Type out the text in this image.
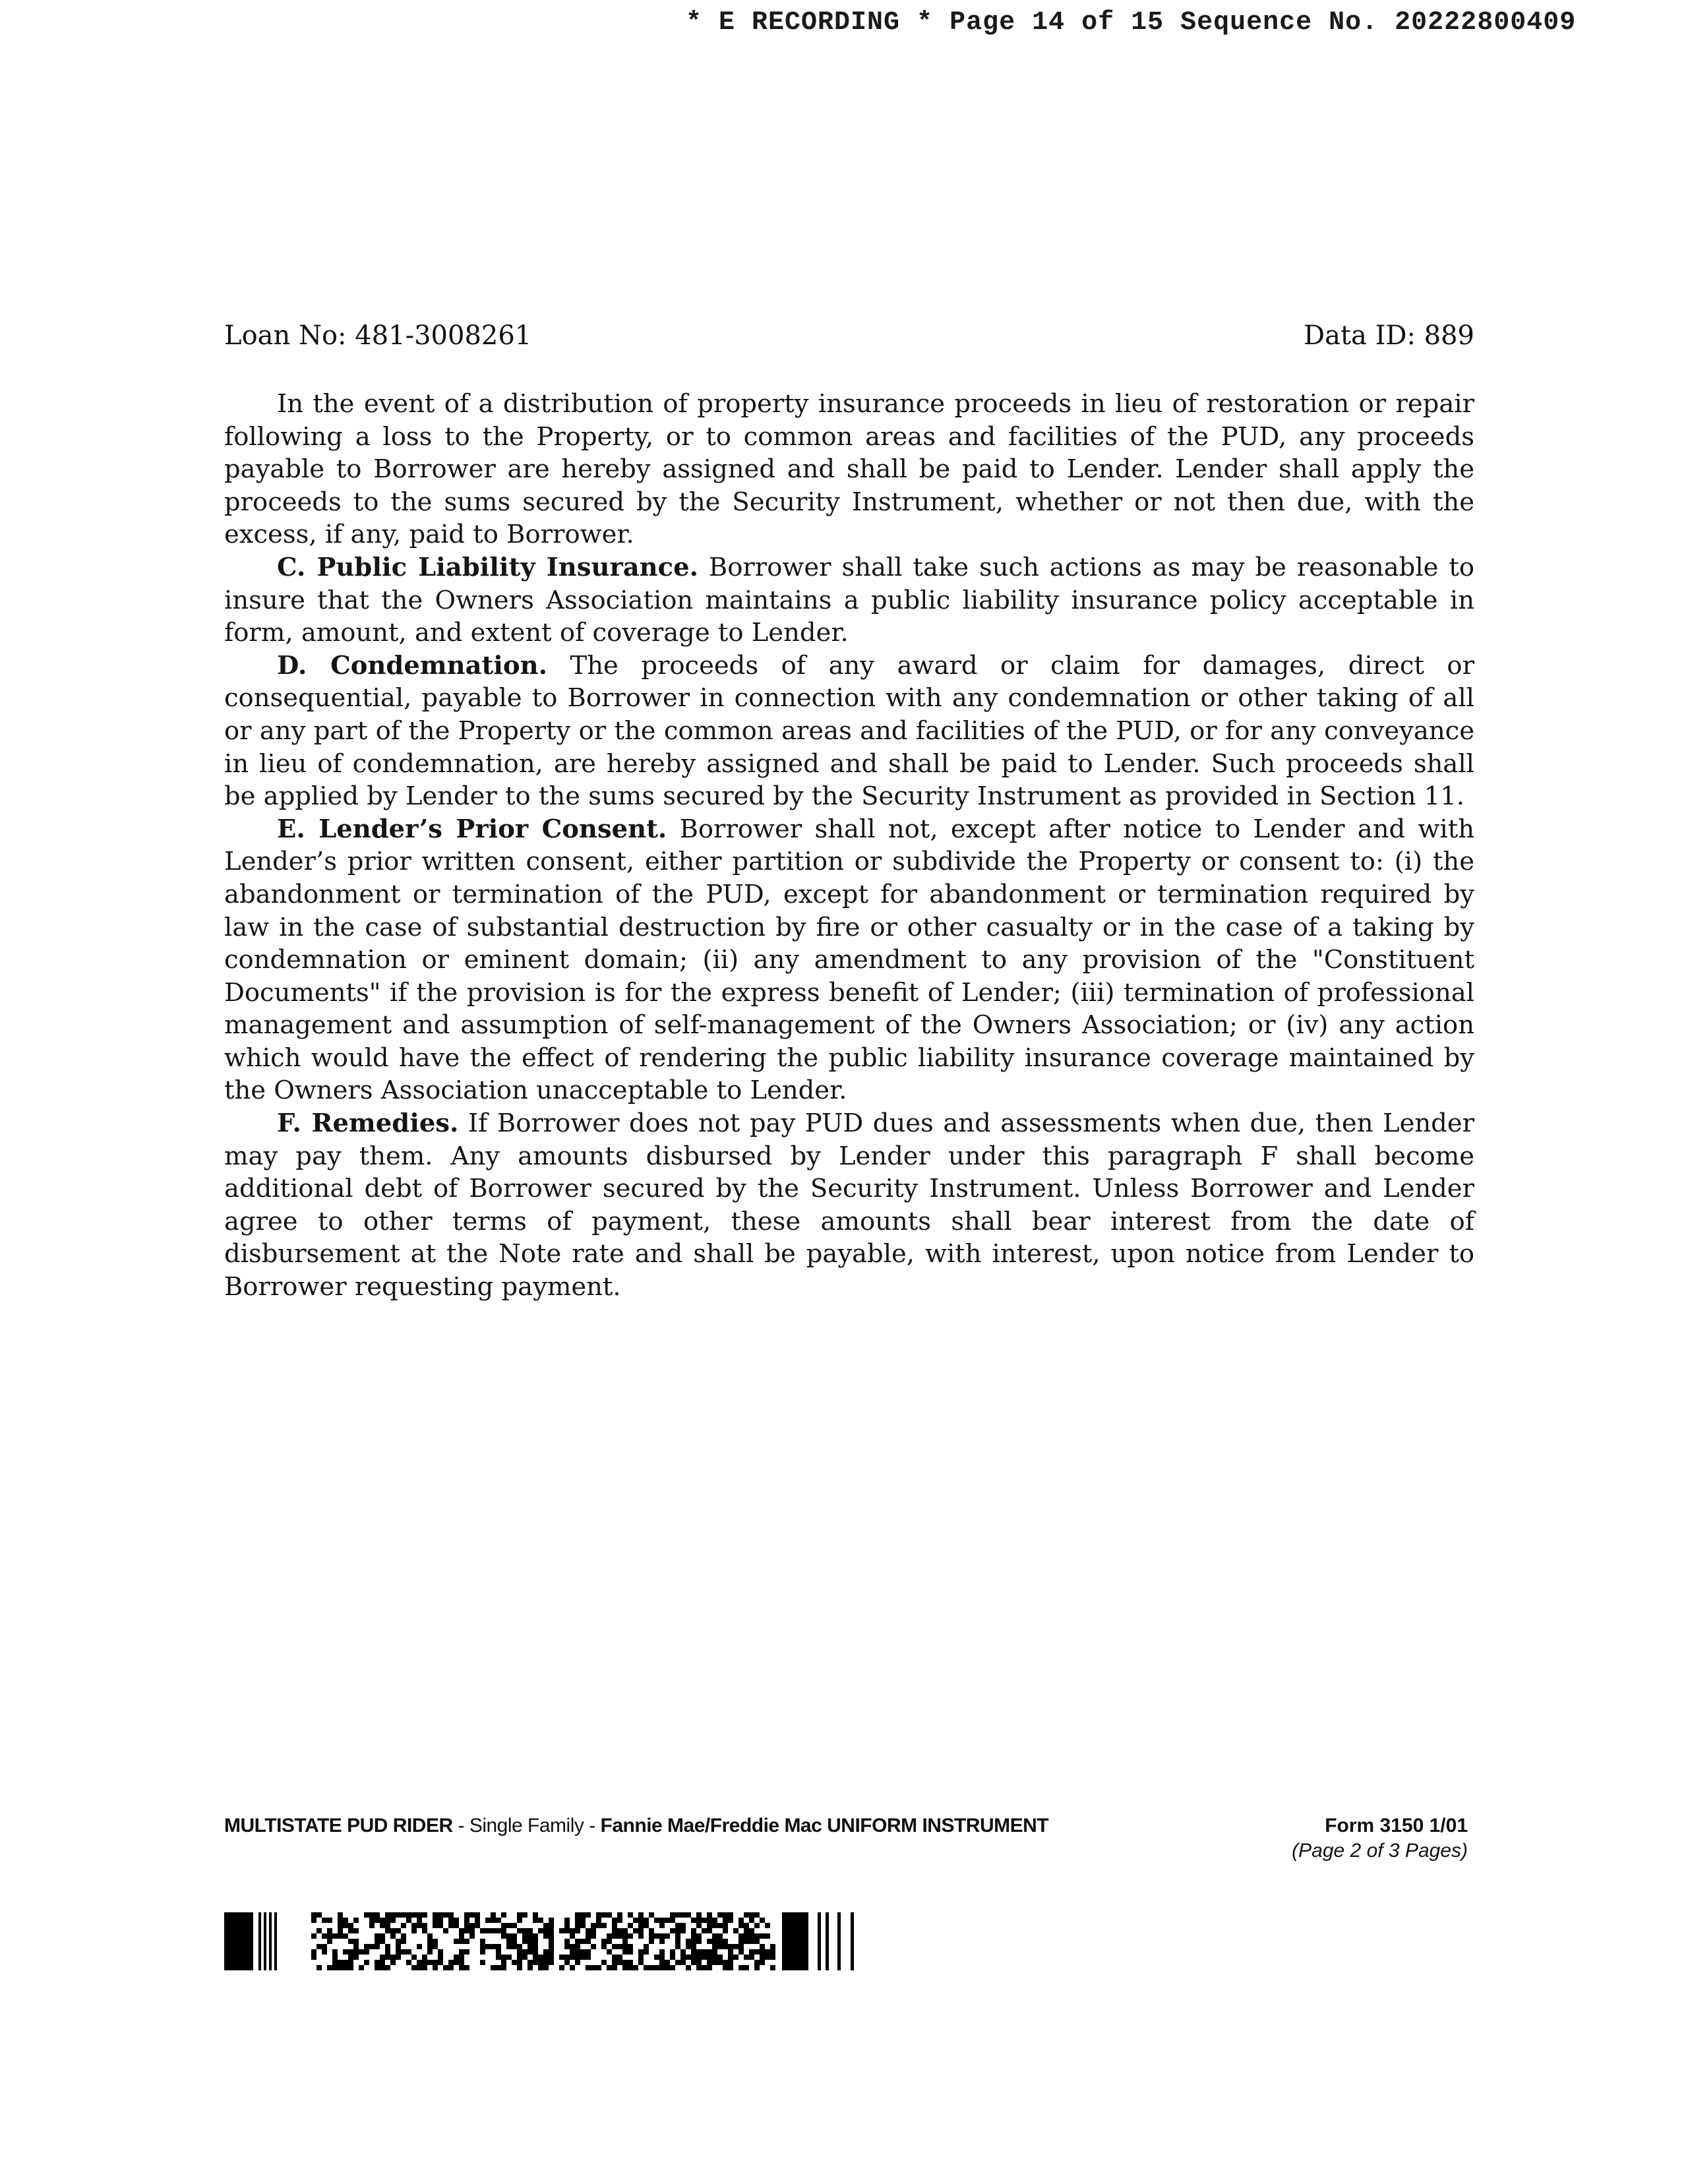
* E RECORDING * Page 14 of 15 Sequence No. 20222800409
Loan No: 481-3008261	Data ID: 889

In the event of a distribution of property insurance proceeds in lieu of restoration or repair following a loss to the Property, or to common areas and facilities of the PUD, any proceeds payable to Borrower are hereby assigned and shall be paid to Lender. Lender shall apply the proceeds to the sums secured by the Security Instrument, whether or not then due, with the excess, if any, paid to Borrower.

C. Public Liability Insurance. Borrower shall take such actions as may be reasonable to insure that the Owners Association maintains a public liability insurance policy acceptable in form, amount, and extent of coverage to Lender.

D. Condemnation. The proceeds of any award or claim for damages, direct or consequential, payable to Borrower in connection with any condemnation or other taking of all or any part of the Property or the common areas and facilities of the PUD, or for any conveyance in lieu of condemnation, are hereby assigned and shall be paid to Lender. Such proceeds shall be applied by Lender to the sums secured by the Security Instrument as provided in Section 11.

E. Lender’s Prior Consent. Borrower shall not, except after notice to Lender and with Lender’s prior written consent, either partition or subdivide the Property or consent to: (i) the abandonment or termination of the PUD, except for abandonment or termination required by law in the case of substantial destruction by fire or other casualty or in the case of a taking by condemnation or eminent domain; (ii) any amendment to any provision of the "Constituent Documents" if the provision is for the express benefit of Lender; (iii) termination of professional management and assumption of self-management of the Owners Association; or (iv) any action which would have the effect of rendering the public liability insurance coverage maintained by the Owners Association unacceptable to Lender.

F. Remedies. If Borrower does not pay PUD dues and assessments when due, then Lender may pay them. Any amounts disbursed by Lender under this paragraph F shall become additional debt of Borrower secured by the Security Instrument. Unless Borrower and Lender agree to other terms of payment, these amounts shall bear interest from the date of disbursement at the Note rate and shall be payable, with interest, upon notice from Lender to Borrower requesting payment.

MULTISTATE PUD RIDER - Single Family - Fannie Mae/Freddie Mac UNIFORM INSTRUMENT	Form 3150 1/01
(Page 2 of 3 Pages)
